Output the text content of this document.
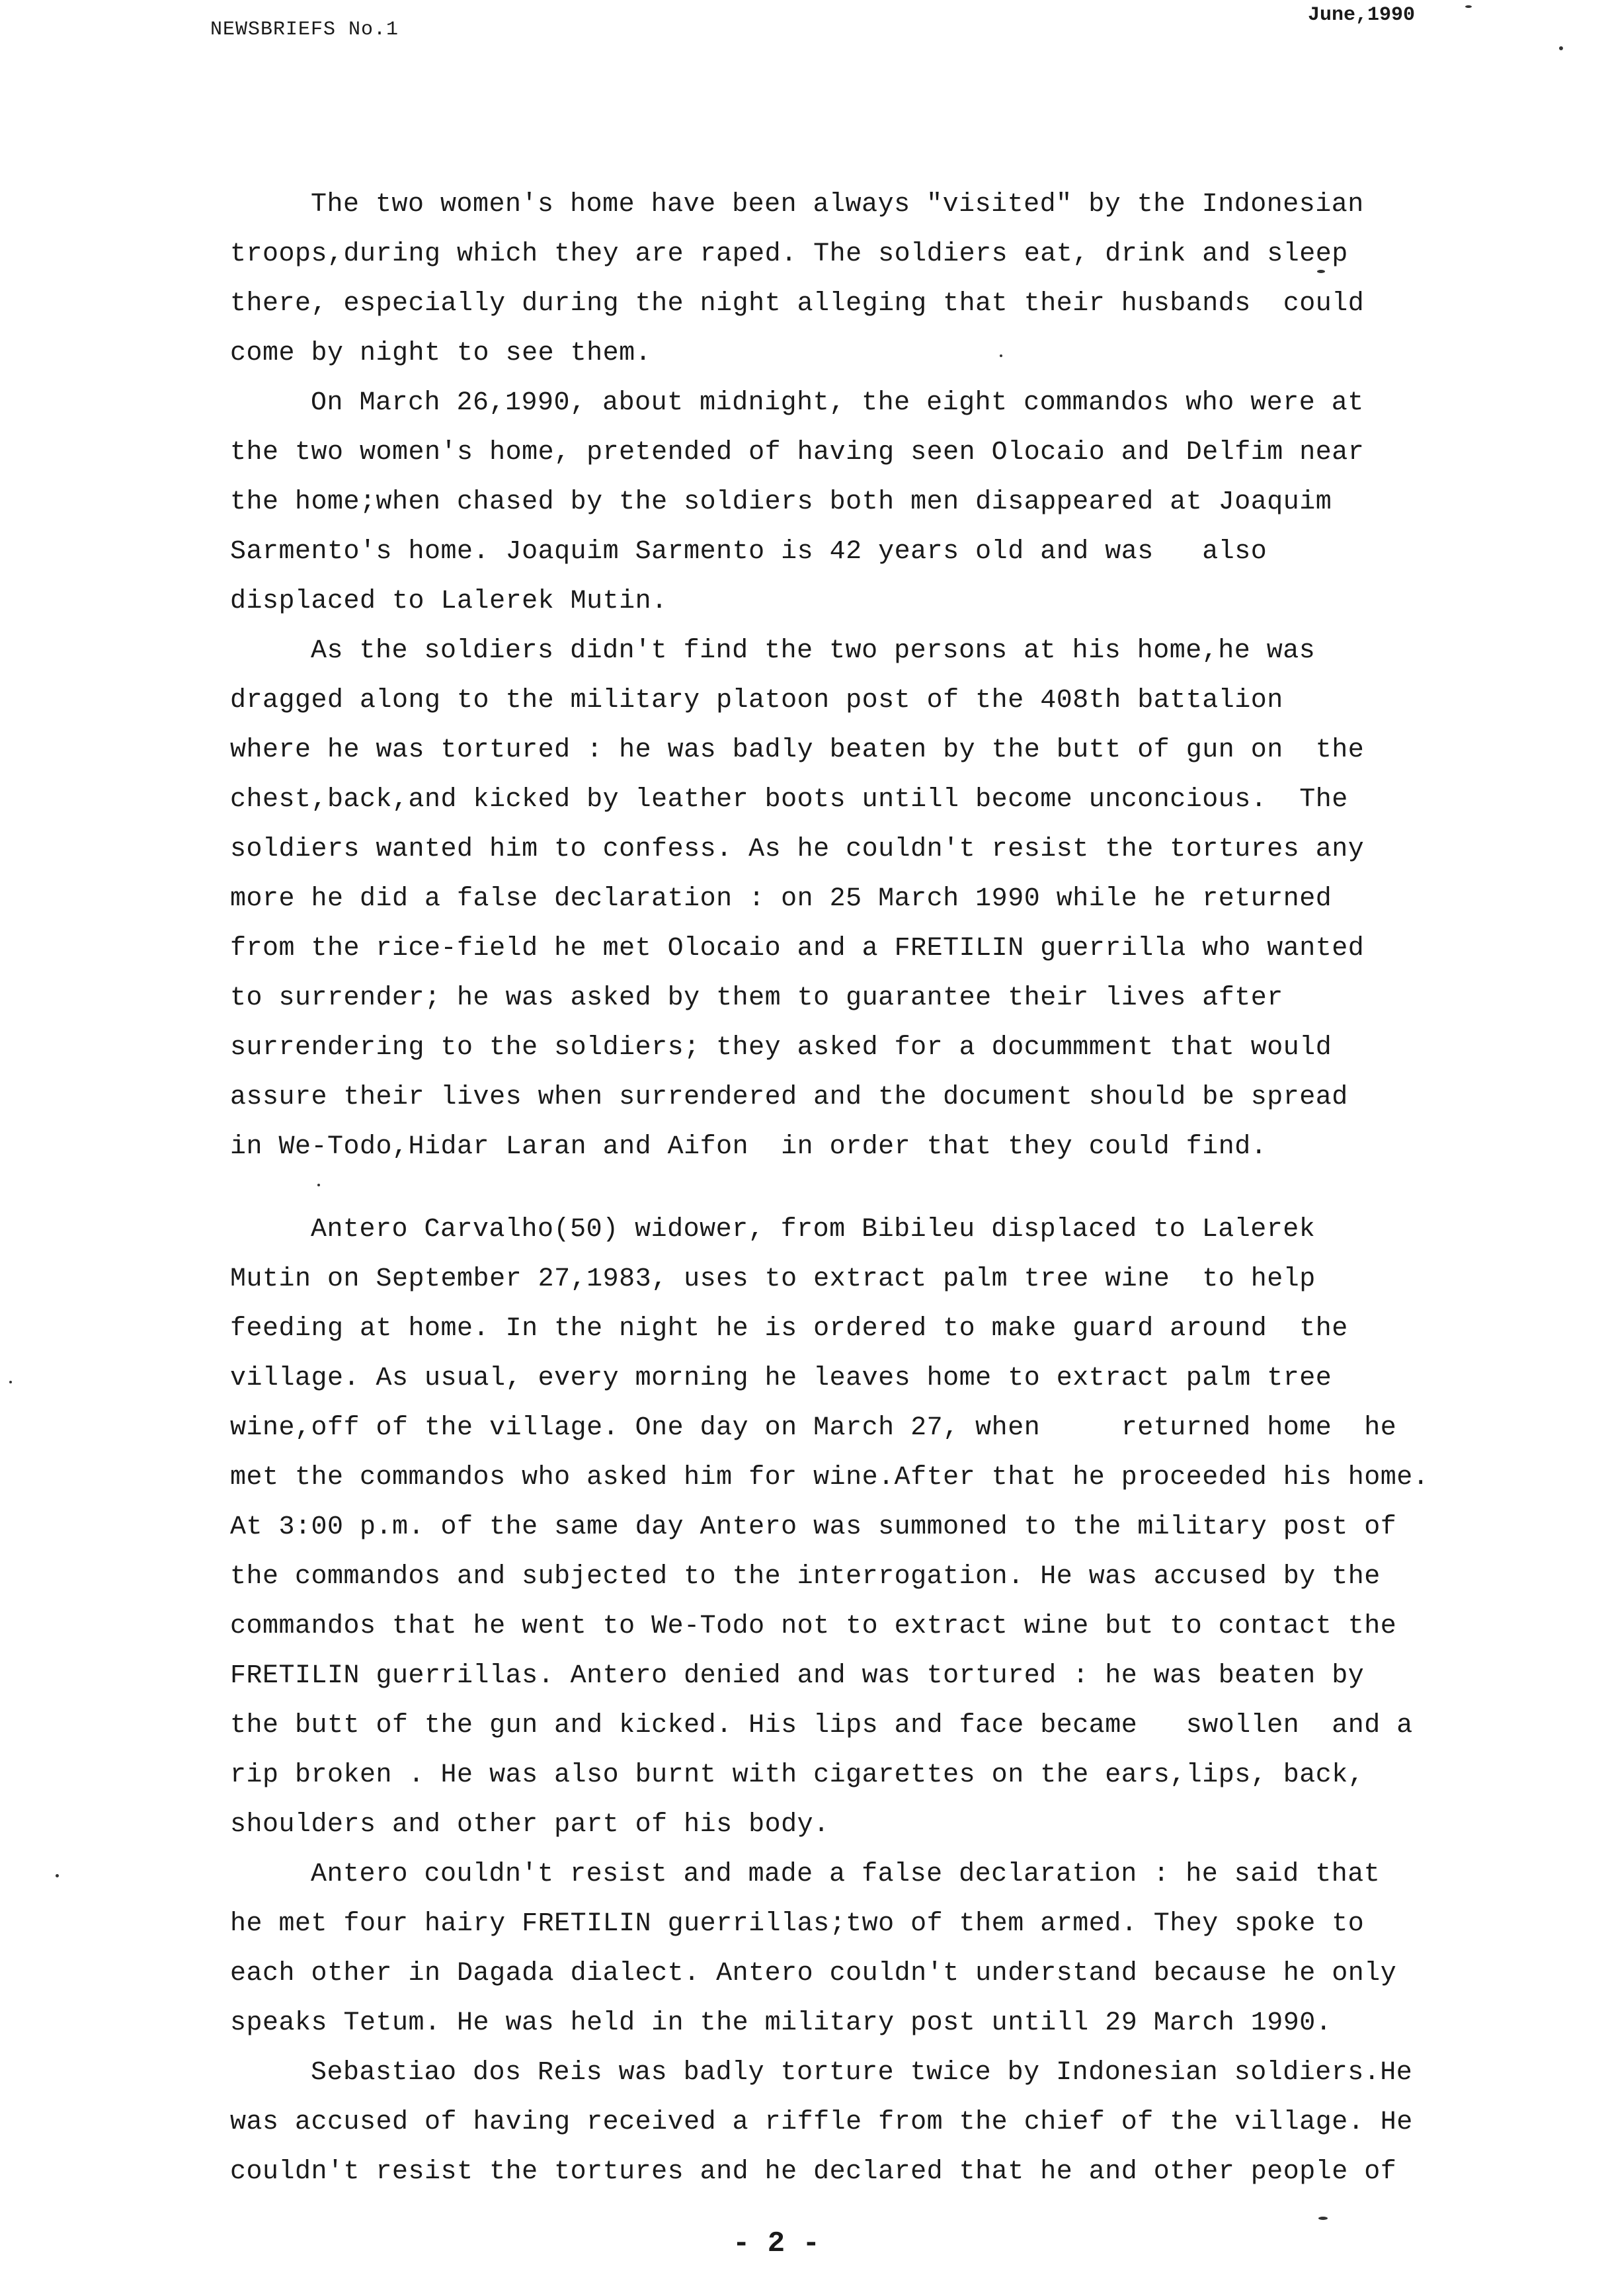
NEWSBRIEFS No.1
June,1990
The two women's home have been always "visited" by the Indonesian
troops,during which they are raped. The soldiers eat, drink and sleep
there, especially during the night alleging that their husbands  could
come by night to see them.
On March 26,1990, about midnight, the eight commandos who were at
the two women's home, pretended of having seen Olocaio and Delfim near
the home;when chased by the soldiers both men disappeared at Joaquim
Sarmento's home. Joaquim Sarmento is 42 years old and was   also
displaced to Lalerek Mutin.
As the soldiers didn't find the two persons at his home,he was
dragged along to the military platoon post of the 408th battalion
where he was tortured : he was badly beaten by the butt of gun on  the
chest,back,and kicked by leather boots untill become unconcious.  The
soldiers wanted him to confess. As he couldn't resist the tortures any
more he did a false declaration : on 25 March 1990 while he returned
from the rice-field he met Olocaio and a FRETILIN guerrilla who wanted
to surrender; he was asked by them to guarantee their lives after
surrendering to the soldiers; they asked for a docummment that would
assure their lives when surrendered and the document should be spread
in We-Todo,Hidar Laran and Aifon  in order that they could find.
Antero Carvalho(50) widower, from Bibileu displaced to Lalerek
Mutin on September 27,1983, uses to extract palm tree wine  to help
feeding at home. In the night he is ordered to make guard around  the
village. As usual, every morning he leaves home to extract palm tree
wine,off of the village. One day on March 27, when     returned home  he
met the commandos who asked him for wine.After that he proceeded his home.
At 3:00 p.m. of the same day Antero was summoned to the military post of
the commandos and subjected to the interrogation. He was accused by the
commandos that he went to We-Todo not to extract wine but to contact the
FRETILIN guerrillas. Antero denied and was tortured : he was beaten by
the butt of the gun and kicked. His lips and face became   swollen  and a
rip broken . He was also burnt with cigarettes on the ears,lips, back,
shoulders and other part of his body.
Antero couldn't resist and made a false declaration : he said that
he met four hairy FRETILIN guerrillas;two of them armed. They spoke to
each other in Dagada dialect. Antero couldn't understand because he only
speaks Tetum. He was held in the military post untill 29 March 1990.
Sebastiao dos Reis was badly torture twice by Indonesian soldiers.He
was accused of having received a riffle from the chief of the village. He
couldn't resist the tortures and he declared that he and other people of
- 2 -
